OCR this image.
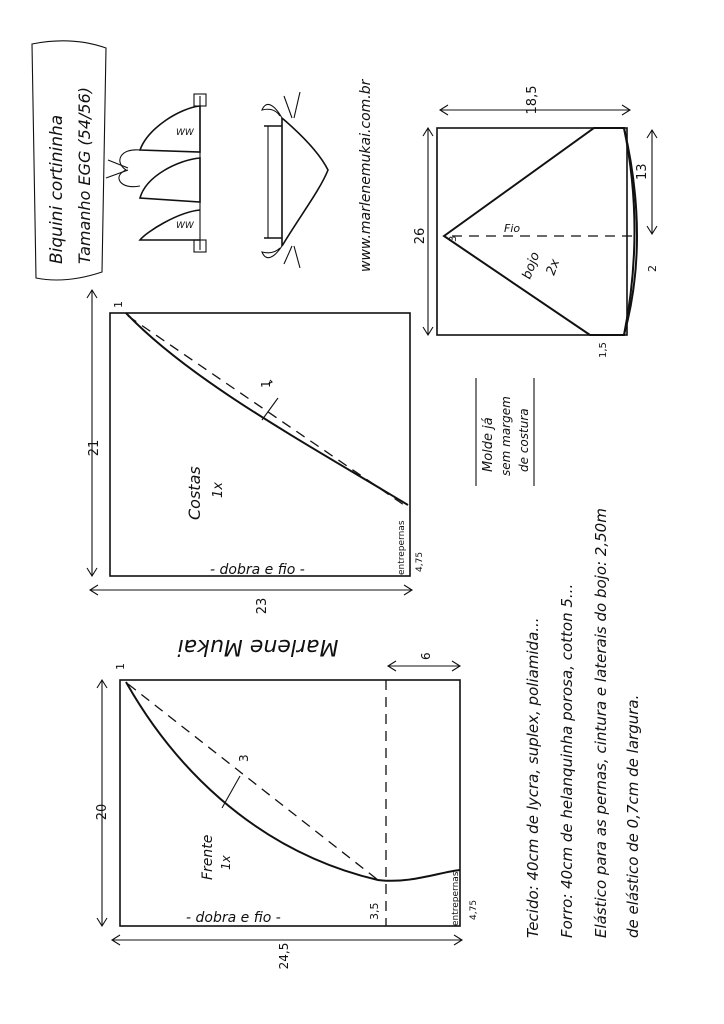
Biquini cortininha Tamanho EGG (54/56)	WW
WW	www.marlenemukai.com.br	Fio
bojo 2x
18,5
26 3
13
2
1,5
Molde já sem margem de costura
1
1
Costas 1x
- dobra e fio -	entrepernas 4,75
21
23
Marlene Mukai
3
1
Frente 1x
- dobra e fio -	3,5	entrepernas 4,75
6
20
24,5
Tecido: 40cm de lycra, suplex, poliamida... Forro: 40cm de helanquinha porosa, cotton 5... Elástico para as pernas, cintura e laterais do bojo: 2,50m de elástico de 0,7cm de largura.
